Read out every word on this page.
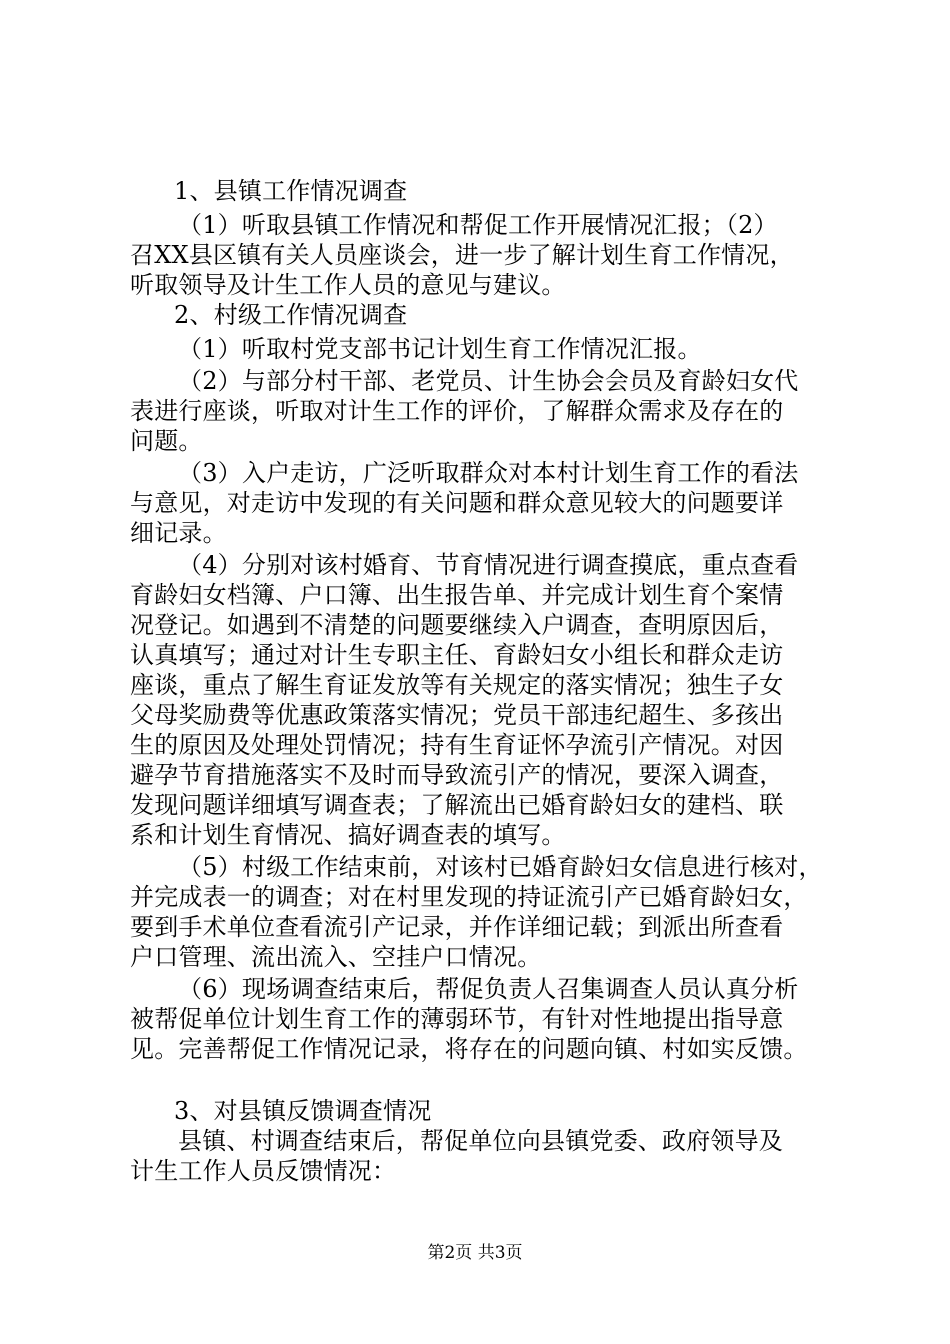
1、县镇工作情况调查
（1）听取县镇工作情况和帮促工作开展情况汇报；（2）
召XX县区镇有关人员座谈会，进一步了解计划生育工作情况，
听取领导及计生工作人员的意见与建议。
2、村级工作情况调查
（1）听取村党支部书记计划生育工作情况汇报。
（2）与部分村干部、老党员、计生协会会员及育龄妇女代
表进行座谈，听取对计生工作的评价，了解群众需求及存在的
问题。
（3）入户走访，广泛听取群众对本村计划生育工作的看法
与意见，对走访中发现的有关问题和群众意见较大的问题要详
细记录。
（4）分别对该村婚育、节育情况进行调查摸底，重点查看
育龄妇女档簿、户口簿、出生报告单、并完成计划生育个案情
况登记。如遇到不清楚的问题要继续入户调查，查明原因后，
认真填写；通过对计生专职主任、育龄妇女小组长和群众走访
座谈，重点了解生育证发放等有关规定的落实情况；独生子女
父母奖励费等优惠政策落实情况；党员干部违纪超生、多孩出
生的原因及处理处罚情况；持有生育证怀孕流引产情况。对因
避孕节育措施落实不及时而导致流引产的情况，要深入调查，
发现问题详细填写调查表；了解流出已婚育龄妇女的建档、联
系和计划生育情况、搞好调查表的填写。
（5）村级工作结束前，对该村已婚育龄妇女信息进行核对，
并完成表一的调查；对在村里发现的持证流引产已婚育龄妇女，
要到手术单位查看流引产记录，并作详细记载；到派出所查看
户口管理、流出流入、空挂户口情况。
（6）现场调查结束后，帮促负责人召集调查人员认真分析
被帮促单位计划生育工作的薄弱环节，有针对性地提出指导意
见。完善帮促工作情况记录，将存在的问题向镇、村如实反馈。
3、对县镇反馈调查情况
县镇、村调查结束后，帮促单位向县镇党委、政府领导及
计生工作人员反馈情况：
第2页 共3页
